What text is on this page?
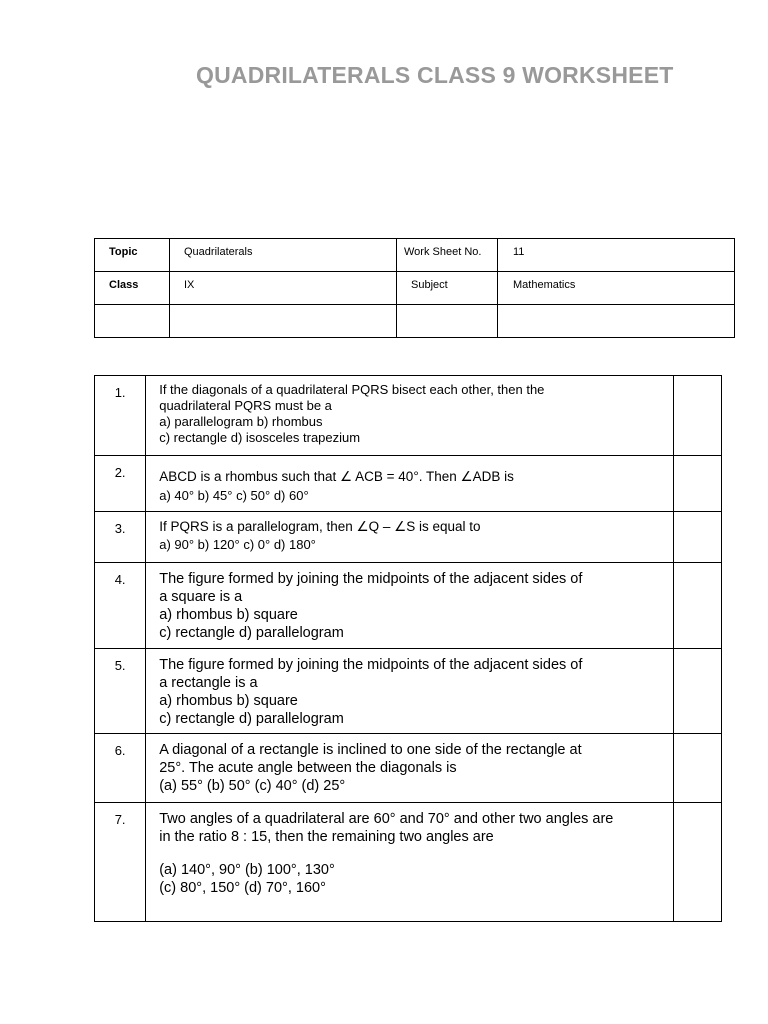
QUADRILATERALS CLASS 9 WORKSHEET
Topic	Quadrilaterals	Work Sheet No.	11

Class	IX	Subject	Mathematics

1.	If the diagonals of a quadrilateral PQRS bisect each other, then the
quadrilateral PQRS must be a
a) parallelogram b) rhombus
c) rectangle d) isosceles trapezium	

2.	ABCD is a rhombus such that ∠ ACB = 40°. Then ∠ADB is
a) 40° b) 45° c) 50° d) 60°	

3.	If PQRS is a parallelogram, then ∠Q – ∠S is equal to
a) 90° b) 120° c) 0° d) 180°	

4.	The figure formed by joining the midpoints of the adjacent sides of
a square is a
a) rhombus b) square
c) rectangle d) parallelogram	

5.	The figure formed by joining the midpoints of the adjacent sides of
a rectangle is a
a) rhombus b) square
c) rectangle d) parallelogram	

6.	A diagonal of a rectangle is inclined to one side of the rectangle at
25°. The acute angle between the diagonals is
(a) 55° (b) 50° (c) 40° (d) 25°	

7.	Two angles of a quadrilateral are 60° and 70° and other two angles are
in the ratio 8 : 15, then the remaining two angles are
(a) 140°, 90° (b) 100°, 130°
(c) 80°, 150° (d) 70°, 160°	
